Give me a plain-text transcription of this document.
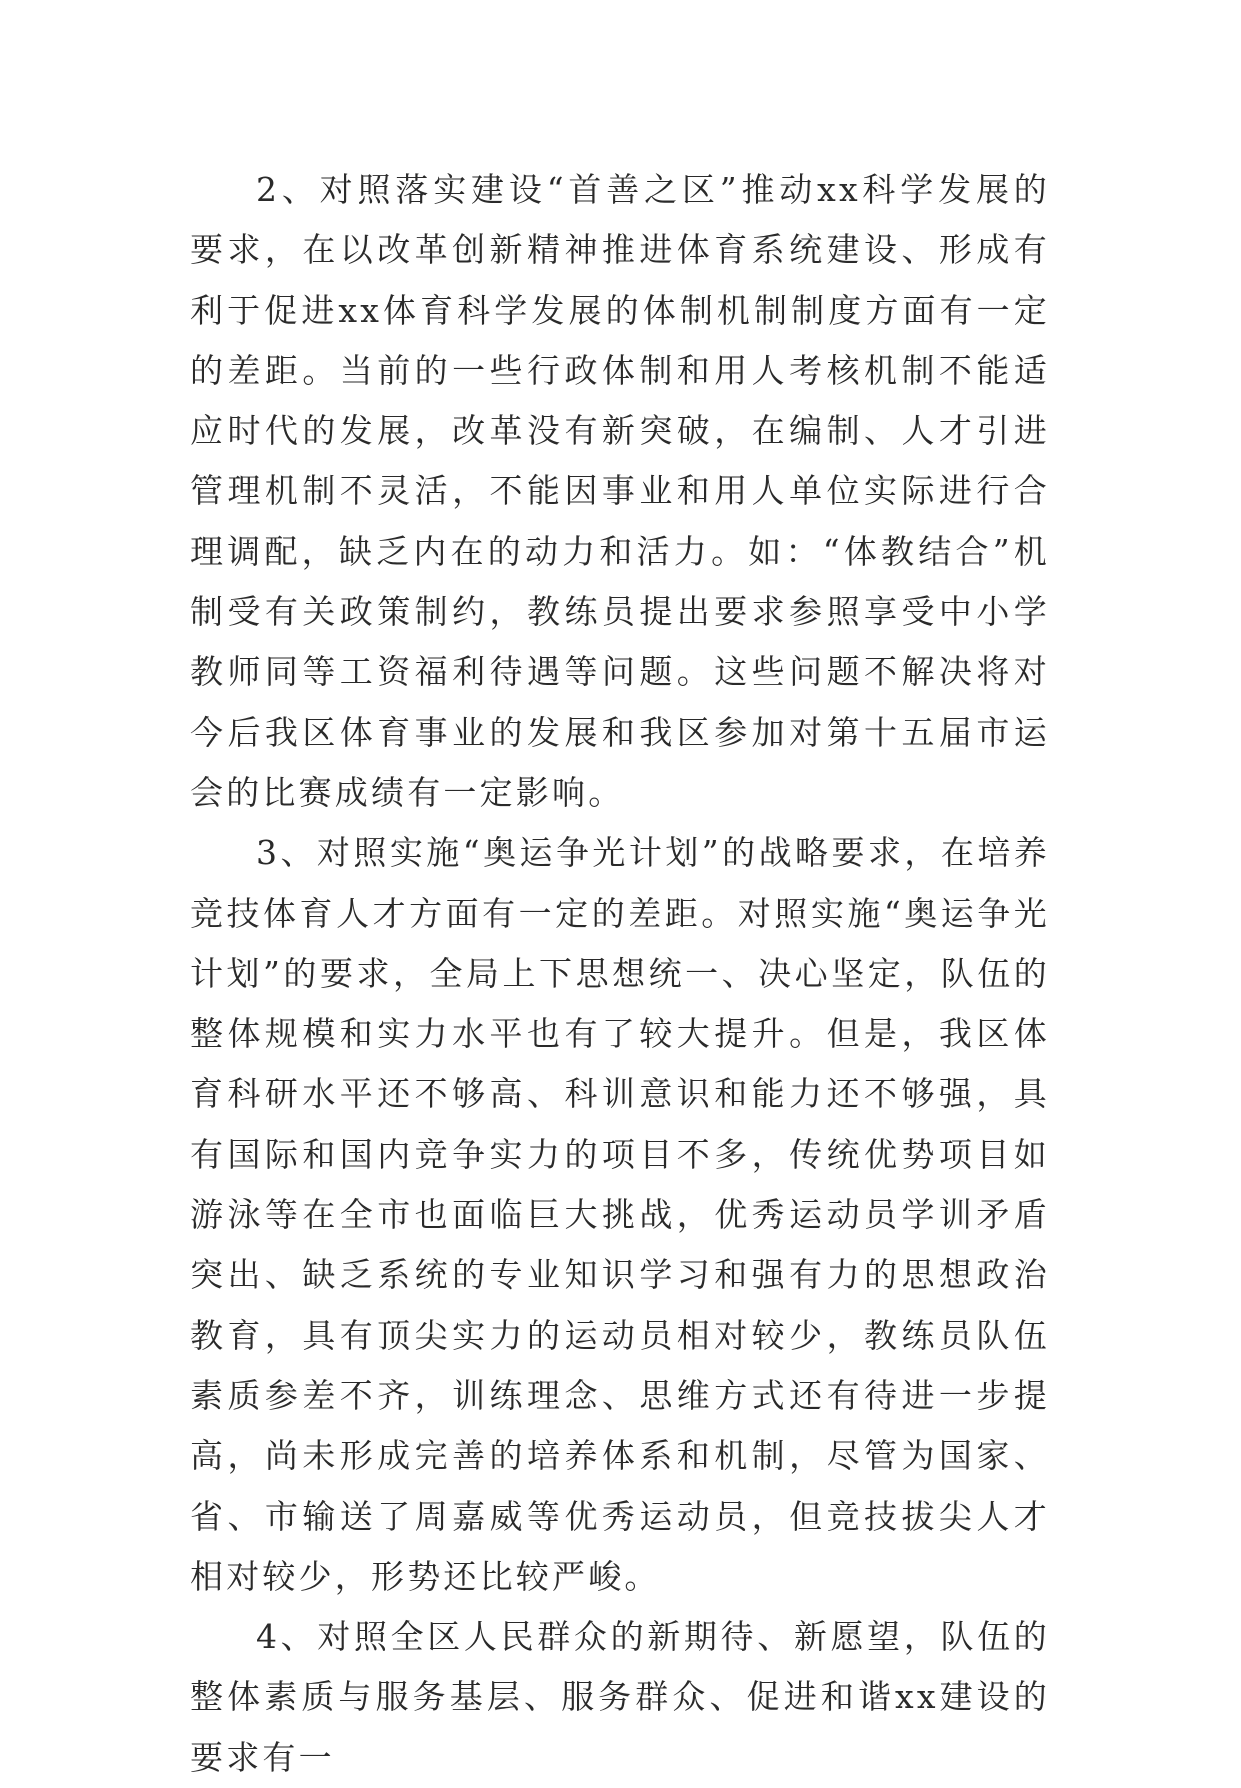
2、对照落实建设“首善之区”推动xx科学发展的要求，在以改革创新精神推进体育系统建设、形成有利于促进xx体育科学发展的体制机制制度方面有一定的差距。当前的一些行政体制和用人考核机制不能适应时代的发展，改革没有新突破，在编制、人才引进管理机制不灵活，不能因事业和用人单位实际进行合理调配，缺乏内在的动力和活力。如：“体教结合”机制受有关政策制约，教练员提出要求参照享受中小学教师同等工资福利待遇等问题。这些问题不解决将对今后我区体育事业的发展和我区参加对第十五届市运会的比赛成绩有一定影响。

3、对照实施“奥运争光计划”的战略要求，在培养竞技体育人才方面有一定的差距。对照实施“奥运争光计划”的要求，全局上下思想统一、决心坚定，队伍的整体规模和实力水平也有了较大提升。但是，我区体育科研水平还不够高、科训意识和能力还不够强，具有国际和国内竞争实力的项目不多，传统优势项目如游泳等在全市也面临巨大挑战，优秀运动员学训矛盾突出、缺乏系统的专业知识学习和强有力的思想政治教育，具有顶尖实力的运动员相对较少，教练员队伍素质参差不齐，训练理念、思维方式还有待进一步提高，尚未形成完善的培养体系和机制，尽管为国家、省、市输送了周嘉威等优秀运动员，但竞技拔尖人才相对较少，形势还比较严峻。

4、对照全区人民群众的新期待、新愿望，队伍的整体素质与服务基层、服务群众、促进和谐xx建设的要求有一
